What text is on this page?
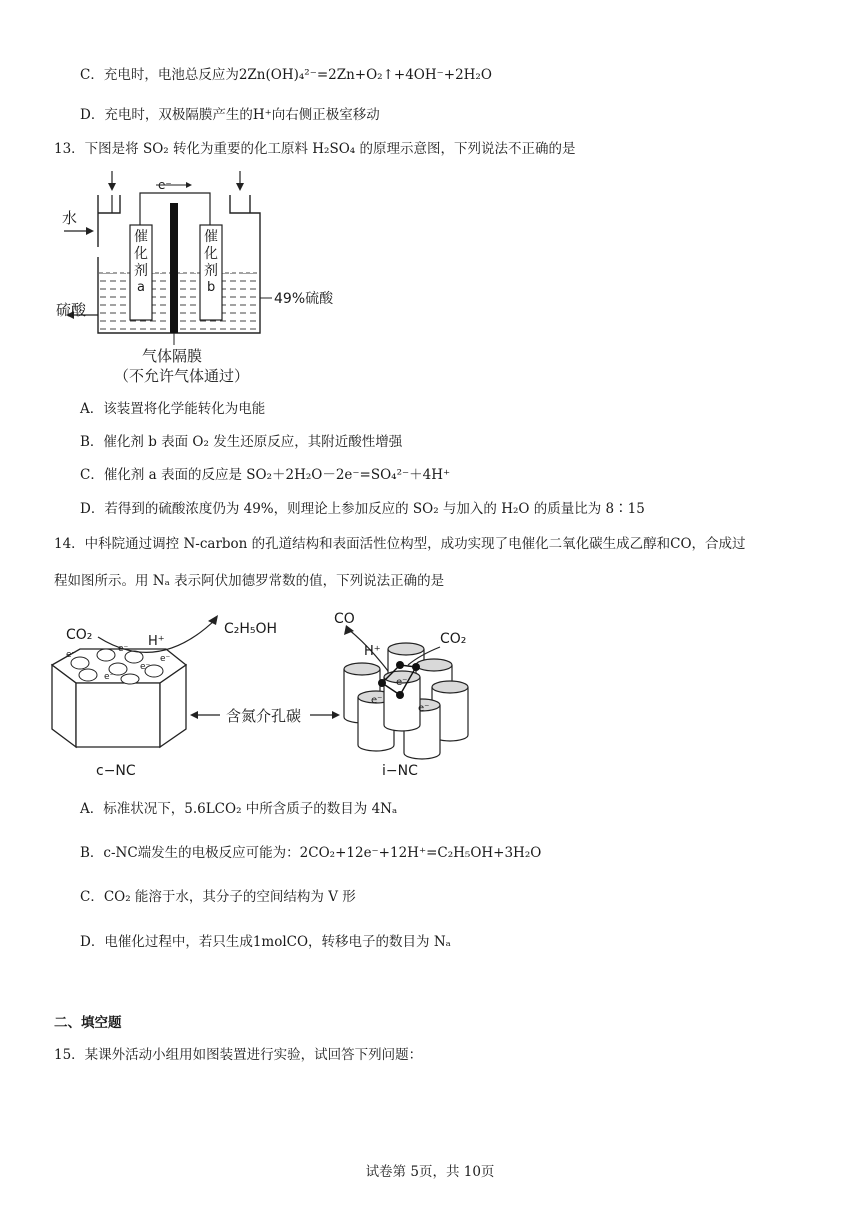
C．充电时，电池总反应为2Zn(OH)₄²⁻=2Zn+O₂↑+4OH⁻+2H₂O
D．充电时，双极隔膜产生的H⁺向右侧正极室移动
13．下图是将 SO₂ 转化为重要的化工原料 H₂SO₄ 的原理示意图，下列说法不正确的是
e⁻
水
硫酸
催
化
剂
a
催
化
剂
b
49%硫酸
气体隔膜
（不允许气体通过）
A．该装置将化学能转化为电能
B．催化剂 b 表面 O₂ 发生还原反应，其附近酸性增强
C．催化剂 a 表面的反应是 SO₂＋2H₂O－2e⁻=SO₄²⁻＋4H⁺
D．若得到的硫酸浓度仍为 49%，则理论上参加反应的 SO₂ 与加入的 H₂O 的质量比为 8∶15
14．中科院通过调控 N-carbon 的孔道结构和表面活性位构型，成功实现了电催化二氧化碳生成乙醇和CO，合成过
程如图所示。用 Nₐ 表示阿伏加德罗常数的值，下列说法正确的是
e⁻
e⁻
e⁻
e⁻
e⁻
CO₂	H⁺
C₂H₅OH
含氮介孔碳
e⁻
e⁻
e⁻
CO
H⁺
CO₂
c−NC	i−NC
A．标准状况下，5.6LCO₂ 中所含质子的数目为 4Nₐ
B．c-NC端发生的电极反应可能为：2CO₂+12e⁻+12H⁺=C₂H₅OH+3H₂O
C．CO₂ 能溶于水，其分子的空间结构为 V 形
D．电催化过程中，若只生成1molCO，转移电子的数目为 Nₐ
二、填空题
15．某课外活动小组用如图装置进行实验，试回答下列问题：
试卷第 5页，共 10页
